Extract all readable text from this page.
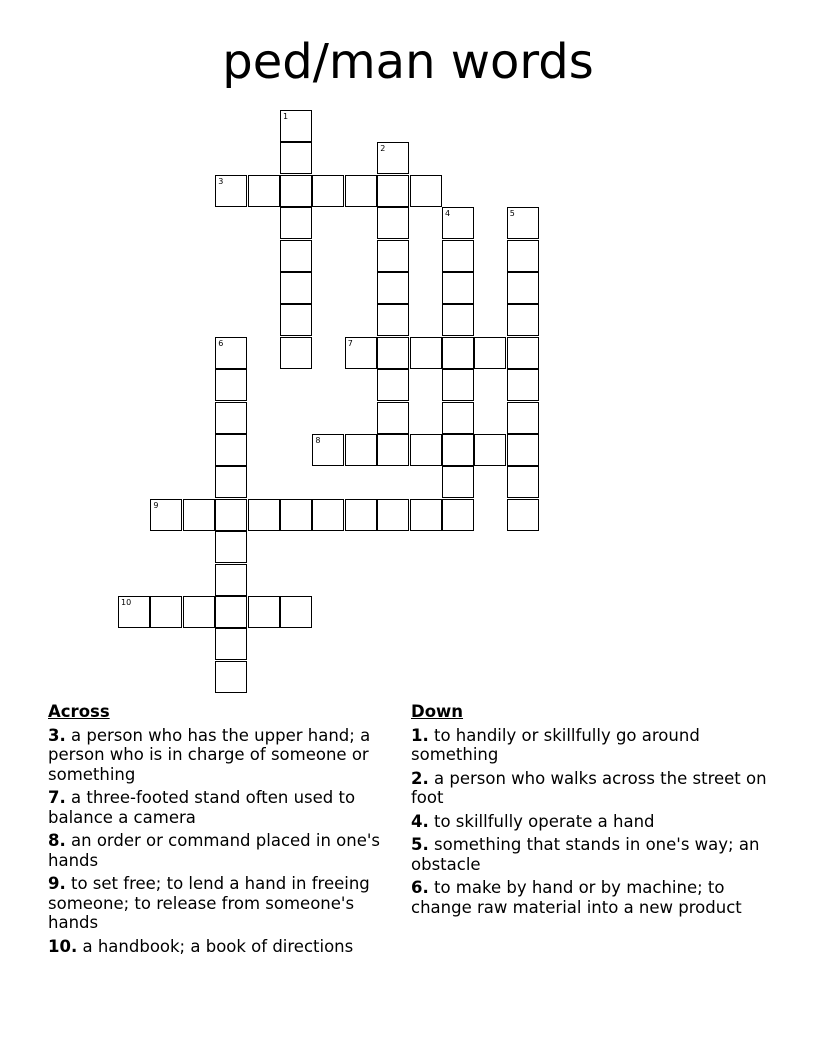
ped/man words
1
2
3
4	5
6	7
8
9
10
Across
3. a person who has the upper hand; a person who is in charge of someone or something
7. a three-footed stand often used to balance a camera
8. an order or command placed in one's hands
9. to set free; to lend a hand in freeing someone; to release from someone's hands
10. a handbook; a book of directions
Down
1. to handily or skillfully go around something
2. a person who walks across the street on foot
4. to skillfully operate a hand
5. something that stands in one's way; an obstacle
6. to make by hand or by machine; to change raw material into a new product
